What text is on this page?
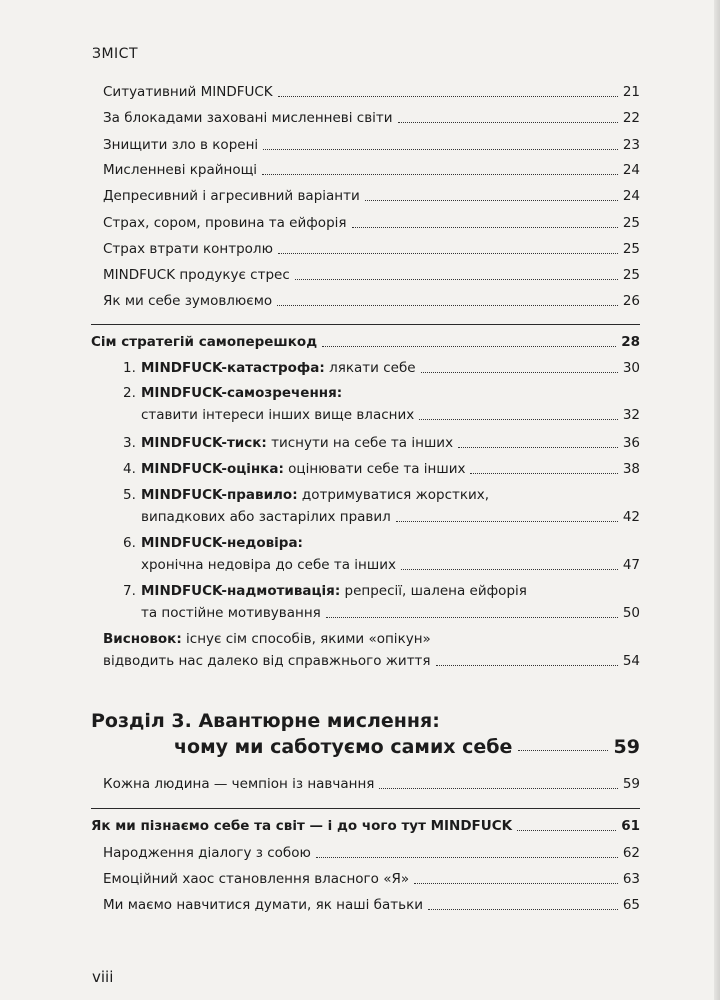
ЗМІСТ
Ситуативний MINDFUCK	21
За блокадами заховані мисленневі світи	22
Знищити зло в корені	23
Мисленневі крайнощі	24
Депресивний і агресивний варіанти	24
Страх, сором, провина та ейфорія	25
Страх втрати контролю	25
MINDFUCK продукує стрес	25
Як ми себе зумовлюємо	26
Сім стратегій самоперешкод	28
1. MINDFUCK-катастрофа: лякати себе	30
2. MINDFUCK-самозречення:
ставити інтереси інших вище власних	32
3. MINDFUCK-тиск: тиснути на себе та інших	36
4. MINDFUCK-оцінка: оцінювати себе та інших	38
5. MINDFUCK-правило: дотримуватися жорстких,
випадкових або застарілих правил	42
6. MINDFUCK-недовіра:
хронічна недовіра до себе та інших	47
7. MINDFUCK-надмотивація: репресії, шалена ейфорія
та постійне мотивування	50
Висновок: існує сім способів, якими «опікун»
відводить нас далеко від справжнього життя	54
Розділ 3. Авантюрне мислення:
чому ми саботуємо самих себе	59
Кожна людина — чемпіон із навчання	59
Як ми пізнаємо себе та світ — і до чого тут MINDFUCK	61
Народження діалогу з собою	62
Емоційний хаос становлення власного «Я»	63
Ми маємо навчитися думати, як наші батьки	65
viii
